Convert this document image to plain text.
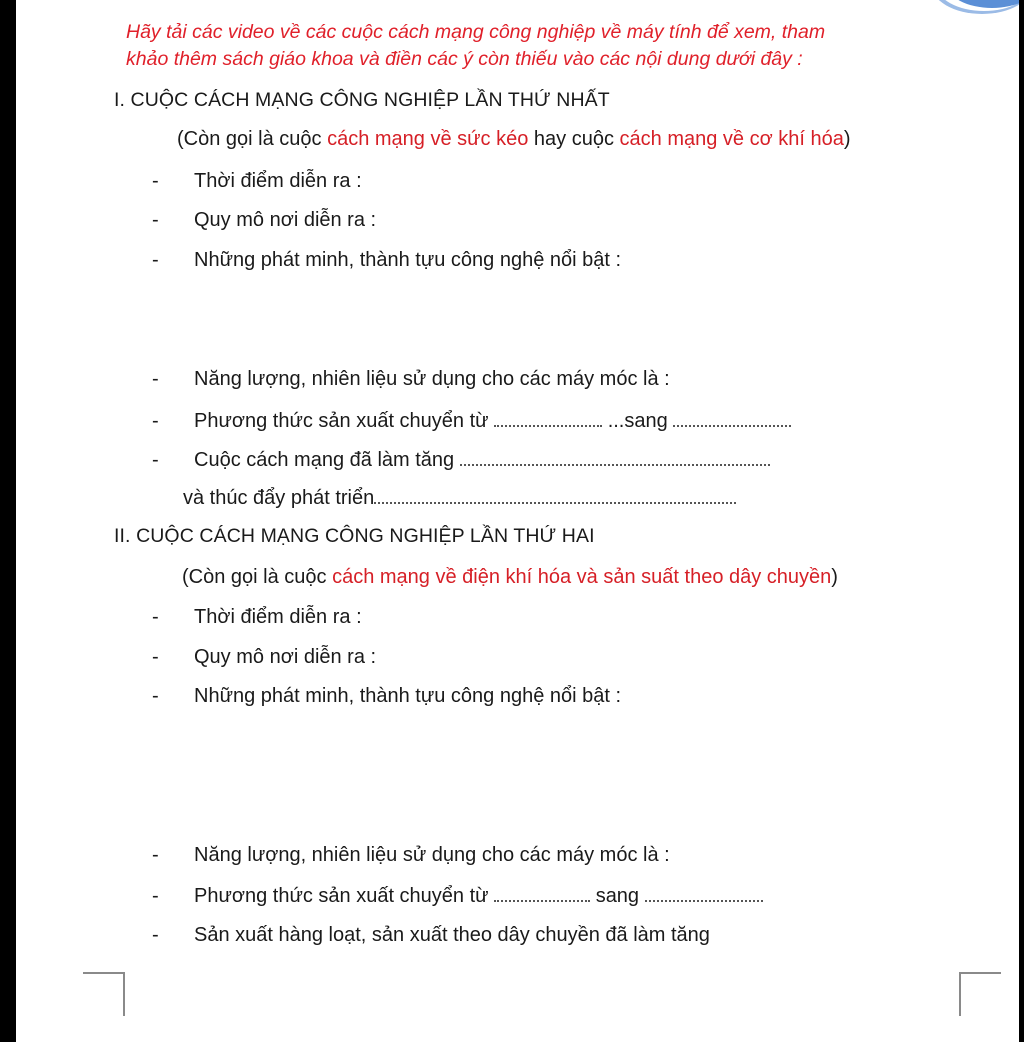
Hãy tải các video về các cuộc cách mạng công nghiệp về máy tính để xem, tham
khảo thêm sách giáo khoa và điền các ý còn thiếu vào các nội dung dưới đây :
I. CUỘC CÁCH MẠNG CÔNG NGHIỆP LẦN THỨ NHẤT
(Còn gọi là cuộc cách mạng về sức kéo hay cuộc cách mạng về cơ khí hóa)
- Thời điểm diễn ra :
- Quy mô nơi diễn ra :
- Những phát minh, thành tựu công nghệ nổi bật :
- Năng lượng, nhiên liệu sử dụng cho các máy móc là :
- Phương thức sản xuất chuyển từ	...sang
- Cuộc cách mạng đã làm tăng
và thúc đẩy phát triển
II. CUỘC CÁCH MẠNG CÔNG NGHIỆP LẦN THỨ HAI
(Còn gọi là cuộc cách mạng về điện khí hóa và sản suất theo dây chuyền)
- Thời điểm diễn ra :
- Quy mô nơi diễn ra :
- Những phát minh, thành tựu công nghệ nổi bật :
- Năng lượng, nhiên liệu sử dụng cho các máy móc là :
- Phương thức sản xuất chuyển từ	sang
- Sản xuất hàng loạt, sản xuất theo dây chuyền đã làm tăng
